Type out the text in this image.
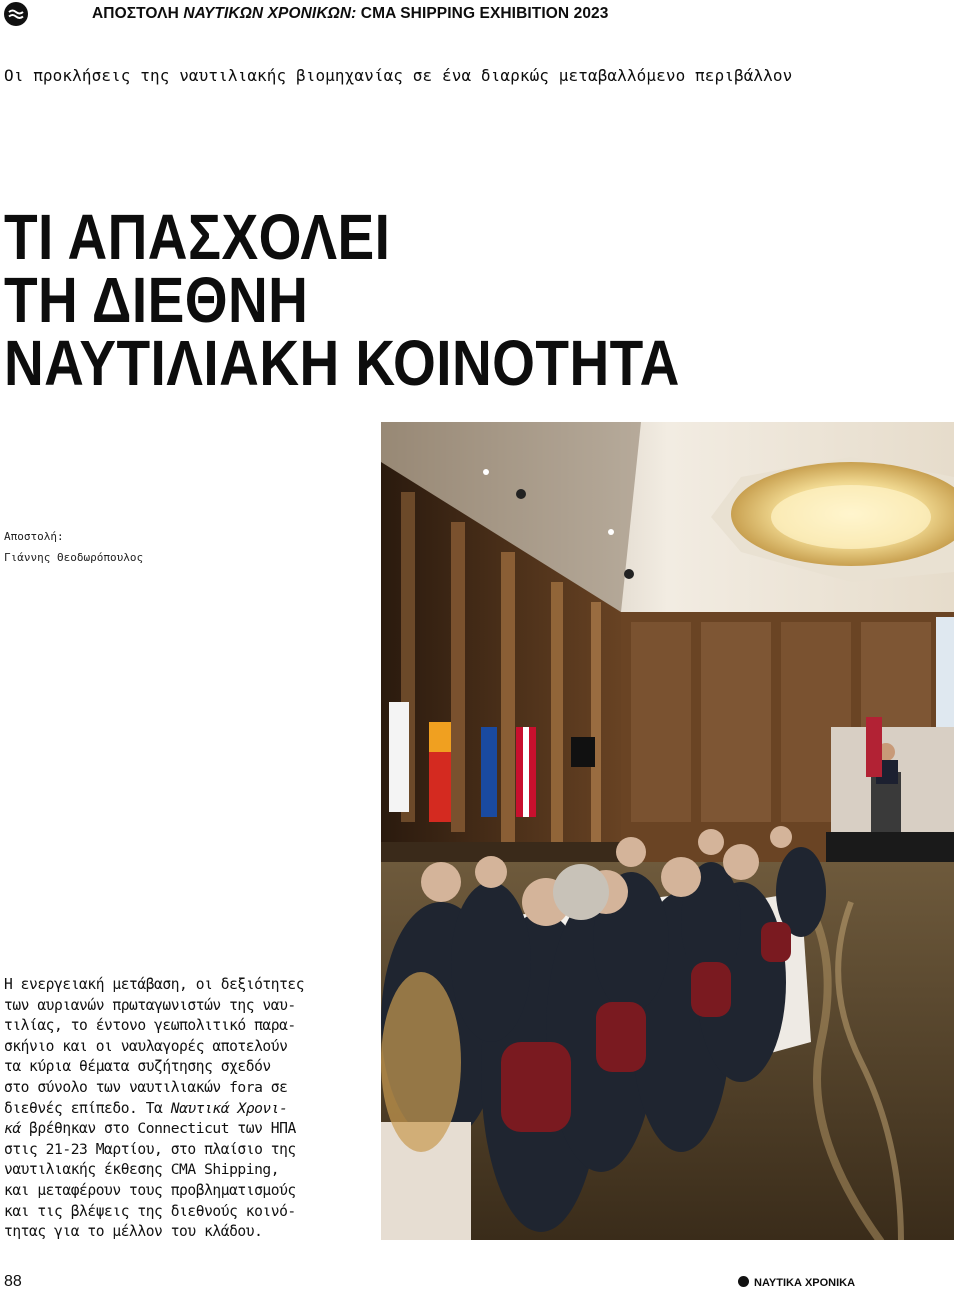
ΑΠΟΣΤΟΛΗ ΝΑΥΤΙΚΩΝ ΧΡΟΝΙΚΩΝ: CMA SHIPPING EXHIBITION 2023
Οι προκλήσεις της ναυτιλιακής βιομηχανίας σε ένα διαρκώς μεταβαλλόμενο περιβάλλον
ΤΙ ΑΠΑΣΧΟΛΕΙ
ΤΗ ΔΙΕΘΝΗ
ΝΑΥΤΙΛΙΑΚΗ ΚΟΙΝΟΤΗΤΑ
Αποστολή:
Γιάννης Θεοδωρόπουλος
Η ενεργειακή μετάβαση, οι δεξιότητες
των αυριανών πρωταγωνιστών της ναυ-
τιλίας, το έντονο γεωπολιτικό παρα-
σκήνιο και οι ναυλαγορές αποτελούν
τα κύρια θέματα συζήτησης σχεδόν
στο σύνολο των ναυτιλιακών fora σε
διεθνές επίπεδο. Τα Ναυτικά Χρονι-
κά βρέθηκαν στο Connecticut των ΗΠΑ
στις 21-23 Μαρτίου, στο πλαίσιο της
ναυτιλιακής έκθεσης CMA Shipping,
και μεταφέρουν τους προβληματισμούς
και τις βλέψεις της διεθνούς κοινό-
τητας για το μέλλον του κλάδου.
88	ΝΑΥΤΙΚΑ ΧΡΟΝΙΚΑ
